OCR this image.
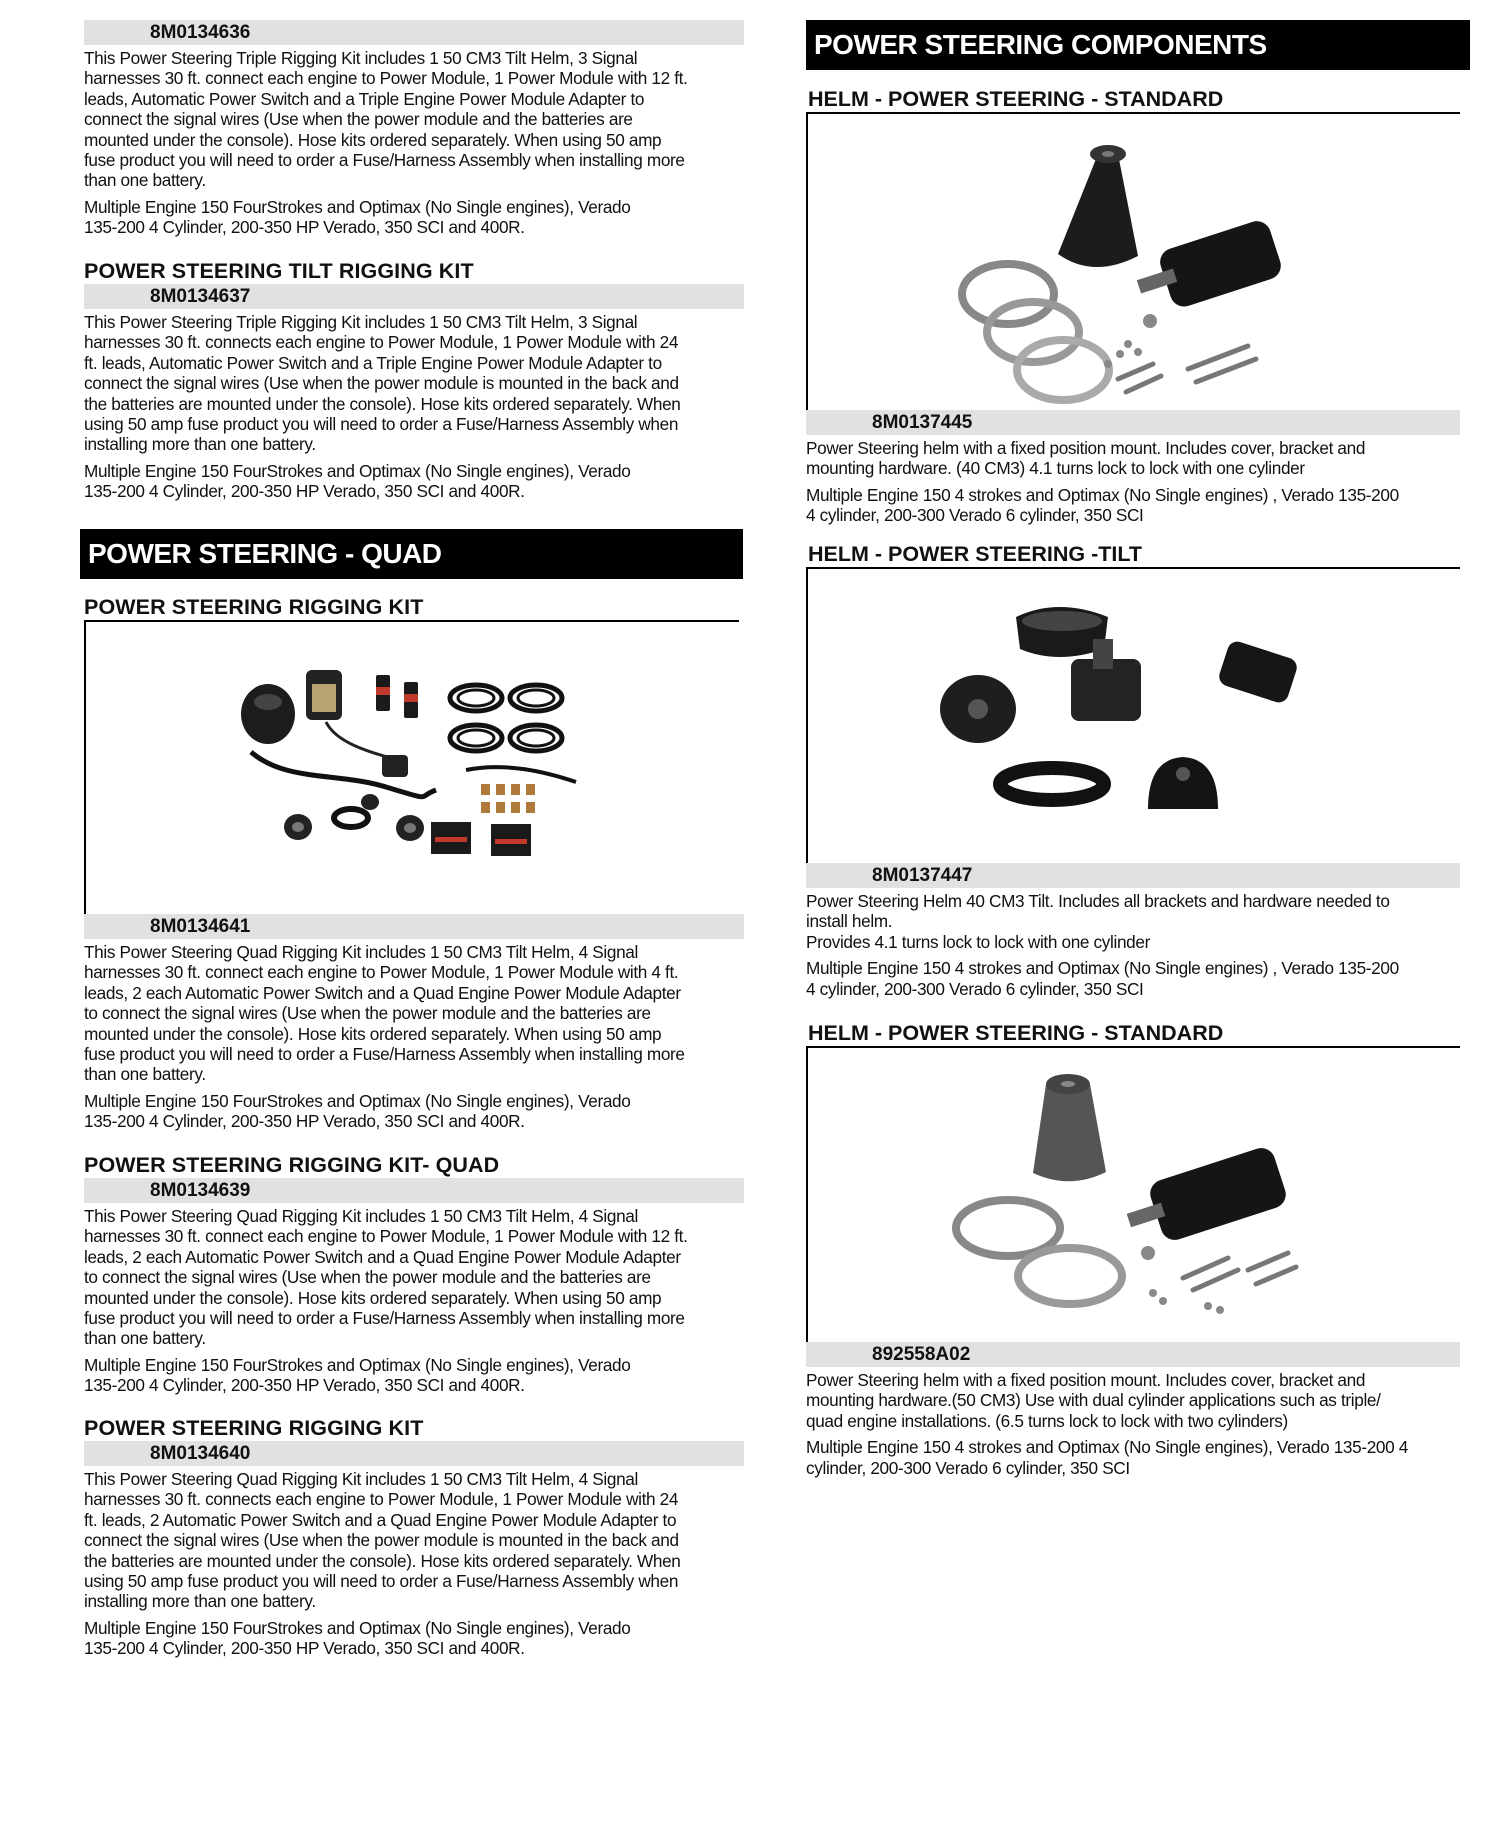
8M0134636
This Power Steering Triple Rigging Kit includes 1 50 CM3 Tilt Helm, 3 Signal
harnesses 30 ft. connect each engine to Power Module, 1 Power Module with 12 ft.
leads, Automatic Power Switch and a Triple Engine Power Module Adapter to
connect the signal wires (Use when the power module and the batteries are
mounted under the console). Hose kits ordered separately. When using 50 amp
fuse product you will need to order a Fuse/Harness Assembly when installing more
than one battery.
Multiple Engine 150 FourStrokes and Optimax (No Single engines), Verado
135-200 4 Cylinder, 200-350 HP Verado, 350 SCI and 400R.
POWER STEERING TILT RIGGING KIT
8M0134637
This Power Steering Triple Rigging Kit includes 1 50 CM3 Tilt Helm, 3 Signal
harnesses 30 ft. connects each engine to Power Module, 1 Power Module with 24
ft. leads, Automatic Power Switch and a Triple Engine Power Module Adapter to
connect the signal wires (Use when the power module is mounted in the back and
the batteries are mounted under the console). Hose kits ordered separately. When
using 50 amp fuse product you will need to order a Fuse/Harness Assembly when
installing more than one battery.
Multiple Engine 150 FourStrokes and Optimax (No Single engines), Verado
135-200 4 Cylinder, 200-350 HP Verado, 350 SCI and 400R.
POWER STEERING - QUAD
POWER STEERING RIGGING KIT
8M0134641
This Power Steering Quad Rigging Kit includes 1 50 CM3 Tilt Helm, 4 Signal
harnesses 30 ft. connect each engine to Power Module, 1 Power Module with 4 ft.
leads, 2 each Automatic Power Switch and a Quad Engine Power Module Adapter
to connect the signal wires (Use when the power module and the batteries are
mounted under the console). Hose kits ordered separately. When using 50 amp
fuse product you will need to order a Fuse/Harness Assembly when installing more
than one battery.
Multiple Engine 150 FourStrokes and Optimax (No Single engines), Verado
135-200 4 Cylinder, 200-350 HP Verado, 350 SCI and 400R.
POWER STEERING RIGGING KIT- QUAD
8M0134639
This Power Steering Quad Rigging Kit includes 1 50 CM3 Tilt Helm, 4 Signal
harnesses 30 ft. connect each engine to Power Module, 1 Power Module with 12 ft.
leads, 2 each Automatic Power Switch and a Quad Engine Power Module Adapter
to connect the signal wires (Use when the power module and the batteries are
mounted under the console). Hose kits ordered separately. When using 50 amp
fuse product you will need to order a Fuse/Harness Assembly when installing more
than one battery.
Multiple Engine 150 FourStrokes and Optimax (No Single engines), Verado
135-200 4 Cylinder, 200-350 HP Verado, 350 SCI and 400R.
POWER STEERING RIGGING KIT
8M0134640
This Power Steering Quad Rigging Kit includes 1 50 CM3 Tilt Helm, 4 Signal
harnesses 30 ft. connects each engine to Power Module, 1 Power Module with 24
ft. leads, 2 Automatic Power Switch and a Quad Engine Power Module Adapter to
connect the signal wires (Use when the power module is mounted in the back and
the batteries are mounted under the console). Hose kits ordered separately. When
using 50 amp fuse product you will need to order a Fuse/Harness Assembly when
installing more than one battery.
Multiple Engine 150 FourStrokes and Optimax (No Single engines), Verado
135-200 4 Cylinder, 200-350 HP Verado, 350 SCI and 400R.
POWER STEERING COMPONENTS
HELM - POWER STEERING - STANDARD
8M0137445
Power Steering helm with a fixed position mount. Includes cover, bracket and
mounting hardware. (40 CM3) 4.1 turns lock to lock with one cylinder
Multiple Engine 150 4 strokes and Optimax (No Single engines) , Verado 135-200
4 cylinder, 200-300 Verado 6 cylinder, 350 SCI
HELM - POWER STEERING -TILT
8M0137447
Power Steering Helm 40 CM3 Tilt. Includes all brackets and hardware needed to
install helm.
Provides 4.1 turns lock to lock with one cylinder
Multiple Engine 150 4 strokes and Optimax (No Single engines) , Verado 135-200
4 cylinder, 200-300 Verado 6 cylinder, 350 SCI
HELM - POWER STEERING - STANDARD
892558A02
Power Steering helm with a fixed position mount. Includes cover, bracket and
mounting hardware.(50 CM3) Use with dual cylinder applications such as triple/
quad engine installations. (6.5 turns lock to lock with two cylinders)
Multiple Engine 150 4 strokes and Optimax (No Single engines), Verado 135-200 4
cylinder, 200-300 Verado 6 cylinder, 350 SCI
